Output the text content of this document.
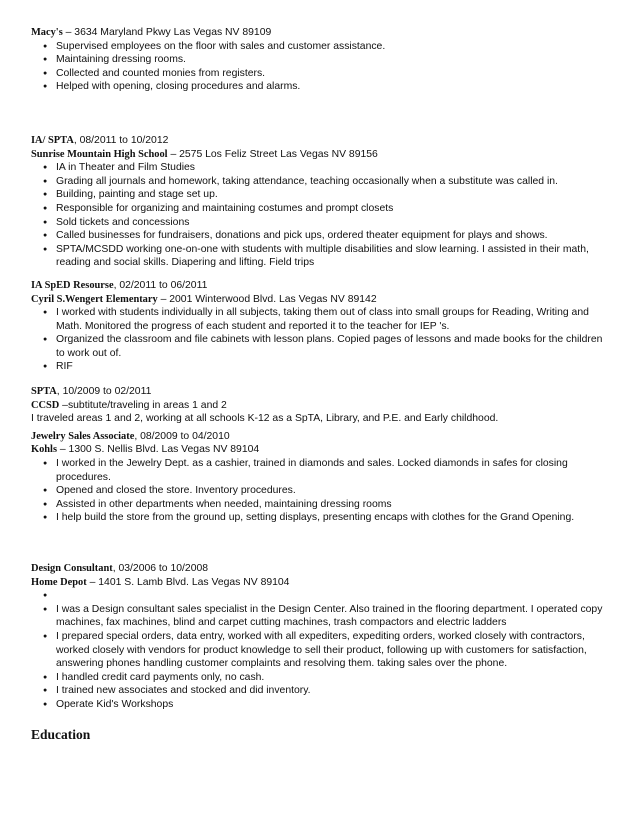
Macy's – 3634 Maryland Pkwy Las Vegas NV 89109
● Supervised employees on the floor with sales and customer assistance.
● Maintaining dressing rooms.
● Collected and counted monies from registers.
● Helped with opening, closing procedures and alarms.
IA/ SPTA, 08/2011 to 10/2012
Sunrise Mountain High School – 2575 Los Feliz Street Las Vegas NV 89156
● IA in Theater and Film Studies
● Grading all journals and homework, taking attendance, teaching occasionally when a substitute was called in.
● Building, painting and stage set up.
● Responsible for organizing and maintaining costumes and prompt closets
● Sold tickets and concessions
● Called businesses for fundraisers, donations and pick ups, ordered theater equipment for plays and shows.
● SPTA/MCSDD working one-on-one with students with multiple disabilities and slow learning. I assisted in their math, reading and social skills. Diapering and lifting. Field trips
IA SpED Resourse, 02/2011 to 06/2011
Cyril S.Wengert Elementary – 2001 Winterwood Blvd. Las Vegas NV 89142
● I worked with students individually in all subjects, taking them out of class into small groups for Reading, Writing and Math. Monitored the progress of each student and reported it to the teacher for IEP 's.
● Organized the classroom and file cabinets with lesson plans. Copied pages of lessons and made books for the children to work out of.
● RIF
SPTA, 10/2009 to 02/2011
CCSD –subtitute/traveling in areas 1 and 2
I traveled areas 1 and 2, working at all schools K-12 as a SpTA, Library, and P.E. and Early childhood.
Jewelry Sales Associate, 08/2009 to 04/2010
Kohls – 1300 S. Nellis Blvd. Las Vegas NV 89104
● I worked in the Jewelry Dept. as a cashier, trained in diamonds and sales. Locked diamonds in safes for closing procedures.
● Opened and closed the store. Inventory procedures.
● Assisted in other departments when needed, maintaining dressing rooms
● I help build the store from the ground up, setting displays, presenting encaps with clothes for the Grand Opening.
Design Consultant, 03/2006 to 10/2008
Home Depot – 1401 S. Lamb Blvd. Las Vegas NV 89104
●
● I was a Design consultant sales specialist in the Design Center. Also trained in the flooring department. I operated copy machines, fax machines, blind and carpet cutting machines, trash compactors and electric ladders
● I prepared special orders, data entry, worked with all expediters, expediting orders, worked closely with contractors, worked closely with vendors for product knowledge to sell their product, following up with customers for satisfaction, answering phones handling customer complaints and resolving them. taking sales over the phone.
● I handled credit card payments only, no cash.
● I trained new associates and stocked and did inventory.
● Operate Kid's Workshops
Education
